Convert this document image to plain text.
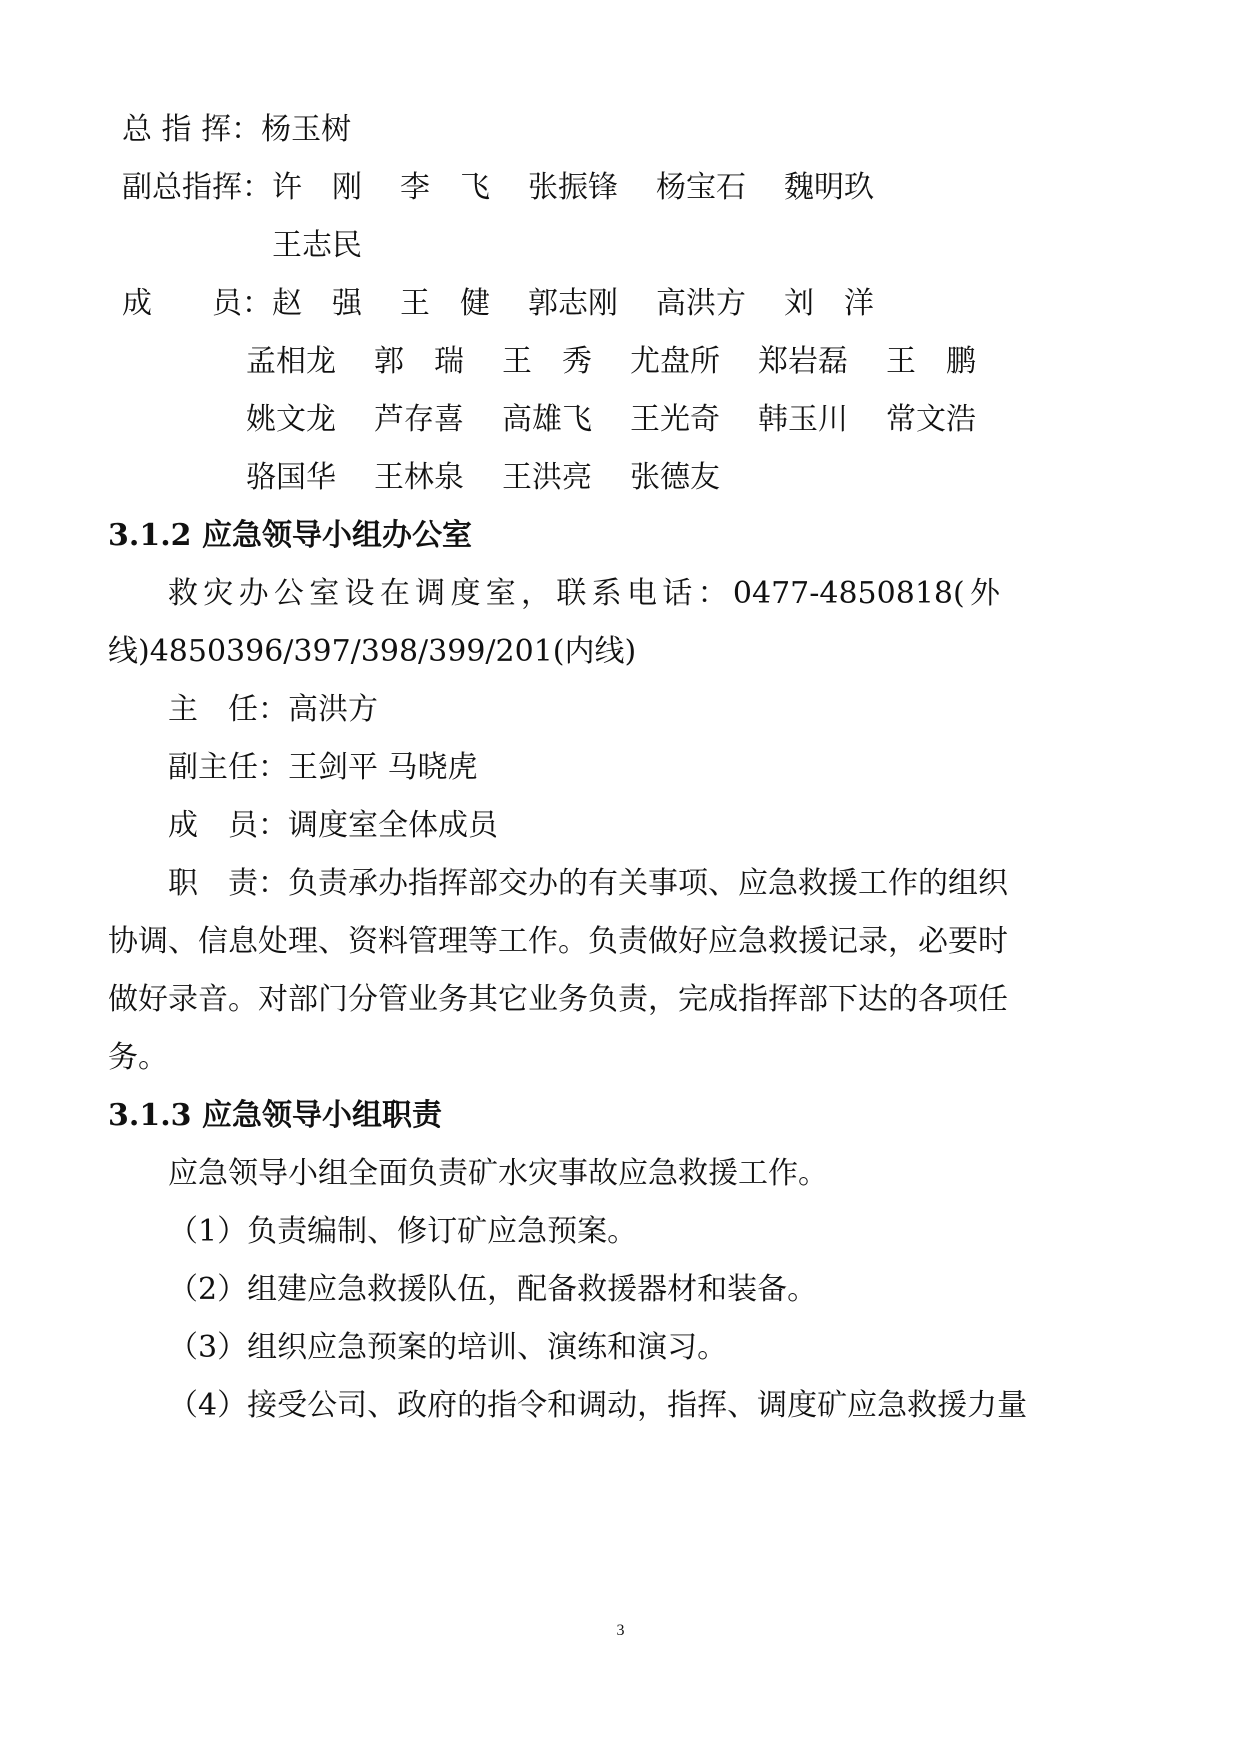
总 指 挥：杨玉树
副总指挥：许　刚 李　飞 张振锋 杨宝石 魏明玖
王志民
成　　员：赵　强 王　健 郭志刚 高洪方 刘　洋
孟相龙 郭　瑞 王　秀 尤盘所 郑岩磊 王　鹏
姚文龙 芦存喜 高雄飞 王光奇 韩玉川 常文浩
骆国华 王林泉 王洪亮 张德友
3.1.2 应急领导小组办公室
救灾办公室设在调度室，联系电话：0477-4850818(外
线)4850396/397/398/399/201(内线)
主　任：高洪方
副主任：王剑平 马晓虎
成　员：调度室全体成员
职　责：负责承办指挥部交办的有关事项、应急救援工作的组织
协调、信息处理、资料管理等工作。负责做好应急救援记录，必要时
做好录音。对部门分管业务其它业务负责，完成指挥部下达的各项任
务。
3.1.3 应急领导小组职责
应急领导小组全面负责矿水灾事故应急救援工作。
（1）负责编制、修订矿应急预案。
（2）组建应急救援队伍，配备救援器材和装备。
（3）组织应急预案的培训、演练和演习。
（4）接受公司、政府的指令和调动，指挥、调度矿应急救援力量
3
